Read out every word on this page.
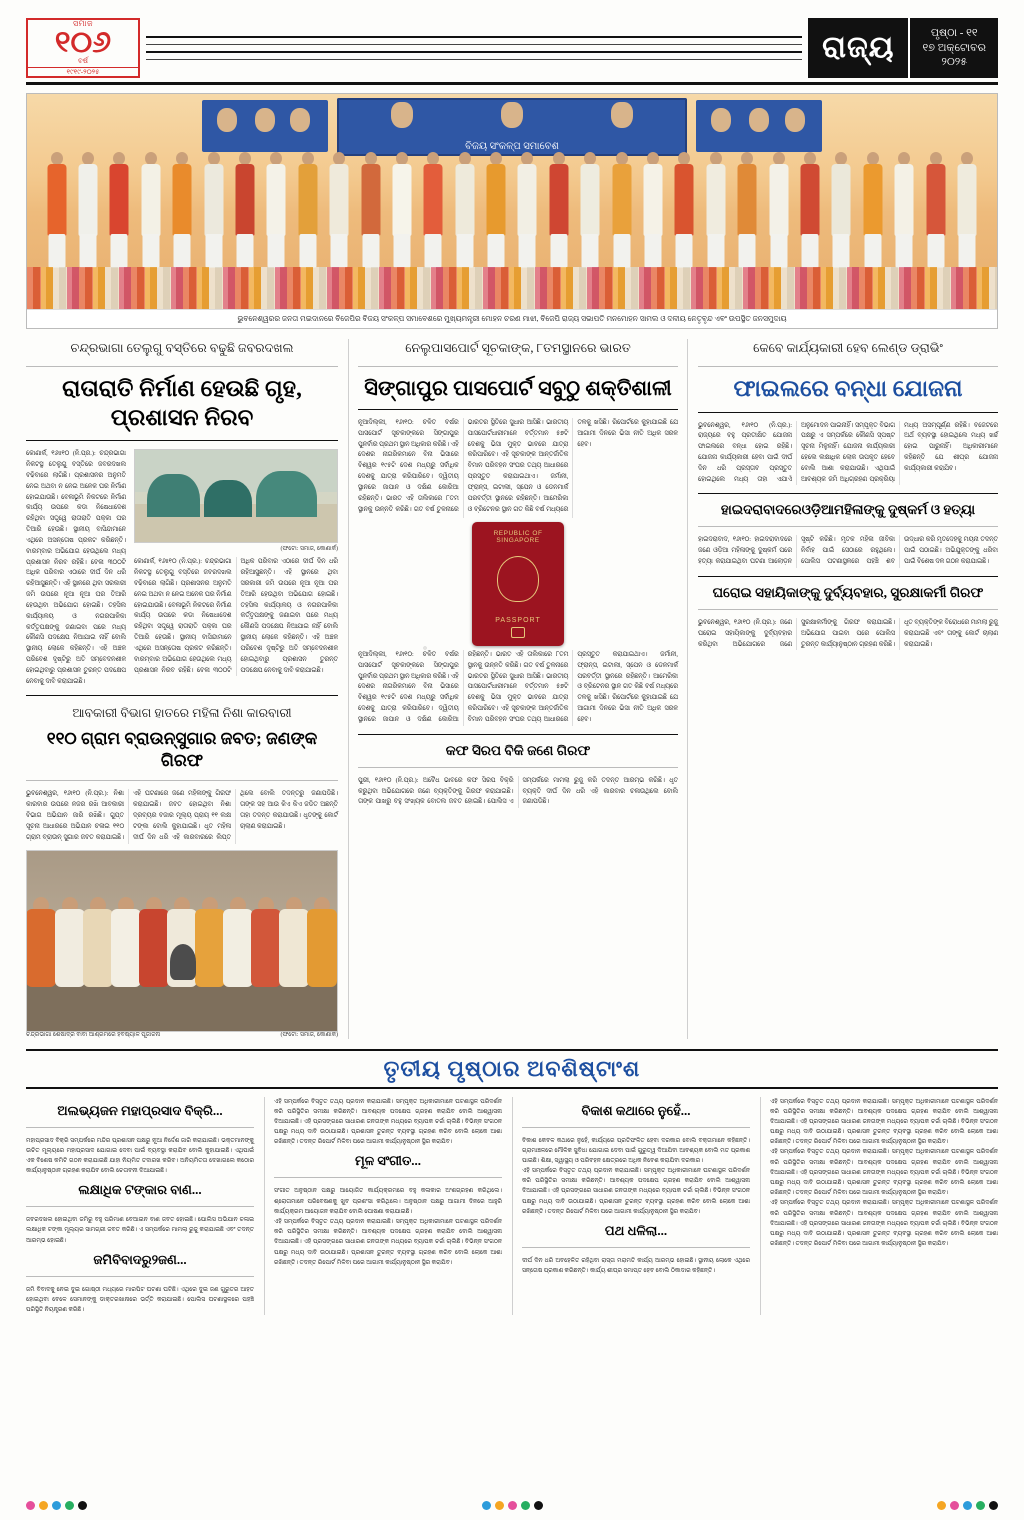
ସମାଜ
୧୦୬
ବର୍ଷ
୧୯୧୯-୨୦୨୫
ରାଜ୍ୟ	ପୃଷ୍ଠା - ୧୧
୧୭ ଅକ୍ଟୋବର
୨୦୨୫
ବିଜୟ ସଂକଳ୍ପ ସମାବେଶ
ଭୁବନେଶ୍ୱରର ଜନତା ମଇଦାନରେ ବିଜେପିର ବିଜୟ ସଂକଳ୍ପ ସମାବେଶରେ ମୁଖ୍ୟମନ୍ତ୍ରୀ ମୋହନ ଚରଣ ମାଝୀ, ବିଜେପି ରାଜ୍ୟ ସଭାପତି ମନମୋହନ ସାମଲ ଓ ଦଳୀୟ ନେତୃବୃନ୍ଦ ଏବଂ ଉପସ୍ଥିତ ଜନସମୁଦାୟ
ଚନ୍ଦ୍ରଭାଗା ତେଲୁଗୁ ବସ୍ତିରେ ବଢୁଛି ଜବରଦଖଲ
ରାତାରାତି ନିର୍ମାଣ ହେଉଛି ଗୃହ, ପ୍ରଶାସନ ନିରବ
କୋଣାର୍କ, ୧୬ାା୧୦ (ନି.ପ୍ର.): ଚନ୍ଦ୍ରଭାଗା ନିକଟସ୍ଥ ତେଲୁଗୁ ବସ୍ତିରେ ଜବରଦଖଲ ବଢିବାରେ ଲାଗିଛି। ପ୍ରଶାସନର ଅନୁମତି ନେଇ ଅଥବା ନ ନେଇ ଅନେକ ଘର ନିର୍ମାଣ ହୋଇଯାଉଛି। ବେଳାଭୂମି ନିକଟରେ ନିର୍ମାଣ କାର୍ଯ୍ୟ ଉପରେ କଡା ନିଷେଧାଦେଶ ରହିଥିବା ସତ୍ତ୍ୱେ ରାତାରାତି ପକ୍କା ଘର ତିଆରି ହେଉଛି। ସ୍ଥାନୀୟ ବାସିନ୍ଦାମାନେ ଏଥିରେ ଅସନ୍ତୋଷ ପ୍ରକଟ କରିଛନ୍ତି। ବାରମ୍ବାର ଅଭିଯୋଗ ହେଉଥିଲେ ମଧ୍ୟ ପ୍ରଶାସନ ନିରବ ରହିଛି। ବେଳା ୩୦୦ଟି ଅଧିକ ପରିବାର ଏଠାରେ ଦୀର୍ଘ ଦିନ ଧରି ରହିଆସୁଛନ୍ତି। ଏହି ସ୍ଥାନରେ ଥିବା ସରକାରୀ ଜମି ଉପରେ ନୂଆ ନୂଆ ଘର ତିଆରି ହେଉଥିବା ଅଭିଯୋଗ ହୋଇଛି। ତହସିଲ କାର୍ଯ୍ୟାଳୟ ଓ ନଗରପାଳିକା କର୍ତ୍ତୃପକ୍ଷଙ୍କୁ ଜଣାଇବା ପରେ ମଧ୍ୟ କୌଣସି ପଦକ୍ଷେପ ନିଆଯାଇ ନାହିଁ ବୋଲି ସ୍ଥାନୀୟ ଲୋକେ କହିଛନ୍ତି। ଏହି ଅଞ୍ଚଳ ପରିବେଶ ଦୃଷ୍ଟିରୁ ଅତି ସମ୍ବେଦନଶୀଳ ହୋଇଥିବାରୁ ପ୍ରଶାସନ ତୁରନ୍ତ ପଦକ୍ଷେପ ନେବାକୁ ଦାବି କରାଯାଇଛି।
(ଫଟୋ: ସମାଜ, କୋଣାର୍କ)
କୋଣାର୍କ, ୧୬ାା୧୦ (ନି.ପ୍ର.): ଚନ୍ଦ୍ରଭାଗା ନିକଟସ୍ଥ ତେଲୁଗୁ ବସ୍ତିରେ ଜବରଦଖଲ ବଢିବାରେ ଲାଗିଛି। ପ୍ରଶାସନର ଅନୁମତି ନେଇ ଅଥବା ନ ନେଇ ଅନେକ ଘର ନିର୍ମାଣ ହୋଇଯାଉଛି। ବେଳାଭୂମି ନିକଟରେ ନିର୍ମାଣ କାର୍ଯ୍ୟ ଉପରେ କଡା ନିଷେଧାଦେଶ ରହିଥିବା ସତ୍ତ୍ୱେ ରାତାରାତି ପକ୍କା ଘର ତିଆରି ହେଉଛି। ସ୍ଥାନୀୟ ବାସିନ୍ଦାମାନେ ଏଥିରେ ଅସନ୍ତୋଷ ପ୍ରକଟ କରିଛନ୍ତି। ବାରମ୍ବାର ଅଭିଯୋଗ ହେଉଥିଲେ ମଧ୍ୟ ପ୍ରଶାସନ ନିରବ ରହିଛି। ବେଳା ୩୦୦ଟି ଅଧିକ ପରିବାର ଏଠାରେ ଦୀର୍ଘ ଦିନ ଧରି ରହିଆସୁଛନ୍ତି। ଏହି ସ୍ଥାନରେ ଥିବା ସରକାରୀ ଜମି ଉପରେ ନୂଆ ନୂଆ ଘର ତିଆରି ହେଉଥିବା ଅଭିଯୋଗ ହୋଇଛି। ତହସିଲ କାର୍ଯ୍ୟାଳୟ ଓ ନଗରପାଳିକା କର୍ତ୍ତୃପକ୍ଷଙ୍କୁ ଜଣାଇବା ପରେ ମଧ୍ୟ କୌଣସି ପଦକ୍ଷେପ ନିଆଯାଇ ନାହିଁ ବୋଲି ସ୍ଥାନୀୟ ଲୋକେ କହିଛନ୍ତି। ଏହି ଅଞ୍ଚଳ ପରିବେଶ ଦୃଷ୍ଟିରୁ ଅତି ସମ୍ବେଦନଶୀଳ ହୋଇଥିବାରୁ ପ୍ରଶାସନ ତୁରନ୍ତ ପଦକ୍ଷେପ ନେବାକୁ ଦାବି କରାଯାଇଛି।
ଆବକାରୀ ବିଭାଗ ହାତରେ ମହିଳା ନିଶା କାରବାରୀ
୧୧୦ ଗ୍ରାମ ବ୍ରାଉନ୍‌ସୁଗାର ଜବତ; ଜଣଙ୍କ ଗିରଫ
ଭୁବନେଶ୍ୱର, ୧୬ା୧୦ (ନି.ପ୍ର.): ନିଶା କାରବାର ଉପରେ ନଜର ରଖି ଆବକାରୀ ବିଭାଗ ଅଭିଯାନ ଜାରି ରଖିଛି। ଗୁପ୍ତ ସୂଚନା ଆଧାରରେ ଅଭିଯାନ ଚଳାଇ ୧୧୦ ଗ୍ରାମ ବ୍ରାଉନ୍ ସୁଗାର ଜବତ କରାଯାଇଛି। ଏହି ଘଟଣାରେ ଜଣେ ମହିଳାଙ୍କୁ ଗିରଫ କରାଯାଇଛି। ଜବତ ହୋଇଥିବା ନିଶା ଦ୍ରବ୍ୟର ବଜାର ମୂଲ୍ୟ ପ୍ରାୟ ୧୧ ଲକ୍ଷ ଟଙ୍କା ବୋଲି କୁହାଯାଇଛି। ଧୃତ ମହିଳା ଦୀର୍ଘ ଦିନ ଧରି ଏହି କାରବାରରେ ଲିପ୍ତ ଥିଲେ ବୋଲି ତଦନ୍ତରୁ ଜଣାପଡିଛି। ତାଙ୍କ ସହ ଆଉ କିଏ କିଏ ଜଡିତ ଅଛନ୍ତି ତାହା ତଦନ୍ତ କରାଯାଉଛି। ଧୃତଙ୍କୁ କୋର୍ଟ ଚାଲାଣ କରାଯାଇଛି।
ଚନ୍ଦ୍ରଭାଗା ଶେଷାଦ୍ରି ବାବା ଆଶ୍ରମରେ ହବିଷ୍ୟାଳି ପୂଜାର୍ଚ୍ଚନା	(ଫଟୋ: ସମାଜ, କୋଣାର୍କ)
ନେଲୁପାସପୋର୍ଟ ସୂଚକାଙ୍କ, ୮ତମସ୍ଥାନରେ ଭାରତ
ସିଙ୍ଗାପୁର ପାସପୋର୍ଟ ସବୁଠୁ ଶକ୍ତିଶାଳୀ
ନୂଆଦିଲ୍ଲୀ, ୧୬ା୧୦: ଚଳିତ ବର୍ଷର ପାସପୋର୍ଟ ସୂଚକାଙ୍କରେ ସିଙ୍ଗାପୁର ପୁନର୍ବାର ପ୍ରଥମ ସ୍ଥାନ ଅଧିକାର କରିଛି। ଏହି ଦେଶର ନାଗରିକମାନେ ବିନା ଭିସାରେ ବିଶ୍ୱର ୧୯୫ଟି ଦେଶ ମଧ୍ୟରୁ ସର୍ବାଧିକ ଦେଶକୁ ଯାତ୍ରା କରିପାରିବେ। ଦ୍ୱିତୀୟ ସ୍ଥାନରେ ଜାପାନ ଓ ଦକ୍ଷିଣ କୋରିଆ ରହିଛନ୍ତି। ଭାରତ ଏହି ତାଲିକାରେ ୮ତମ ସ୍ଥାନକୁ ଉନ୍ନତି କରିଛି। ଗତ ବର୍ଷ ତୁଳନାରେ ଭାରତର ସ୍ଥିତିରେ ସୁଧାର ଆସିଛି। ଭାରତୀୟ ପାସପୋର୍ଟଧାରୀମାନେ ବର୍ତ୍ତମାନ ୫୭ଟି ଦେଶକୁ ଭିସା ମୁକ୍ତ ଭାବରେ ଯାତ୍ରା କରିପାରିବେ। ଏହି ସୂଚକାଙ୍କ ଆନ୍ତର୍ଜାତିକ ବିମାନ ପରିବହନ ସଂଘର ତଥ୍ୟ ଆଧାରରେ ପ୍ରସ୍ତୁତ କରାଯାଇଥାଏ। ଜର୍ମାନୀ, ଫ୍ରାନ୍ସ, ଇଟାଲୀ, ସ୍ପେନ ଓ ଡେନମାର୍କ ପରବର୍ତ୍ତୀ ସ୍ଥାନରେ ରହିଛନ୍ତି। ଆମେରିକା ଓ ବ୍ରିଟେନର ସ୍ଥାନ ଗତ କିଛି ବର୍ଷ ମଧ୍ୟରେ ତଳକୁ ଖସିଛି। ରିପୋର୍ଟରେ କୁହାଯାଇଛି ଯେ ଆଗାମୀ ଦିନରେ ଭିସା ନୀତି ଅଧିକ ସରଳ ହେବ।
REPUBLIC OF SINGAPORE
PASSPORT
ନୂଆଦିଲ୍ଲୀ, ୧୬ା୧୦: ଚଳିତ ବର୍ଷର ପାସପୋର୍ଟ ସୂଚକାଙ୍କରେ ସିଙ୍ଗାପୁର ପୁନର୍ବାର ପ୍ରଥମ ସ୍ଥାନ ଅଧିକାର କରିଛି। ଏହି ଦେଶର ନାଗରିକମାନେ ବିନା ଭିସାରେ ବିଶ୍ୱର ୧୯୫ଟି ଦେଶ ମଧ୍ୟରୁ ସର୍ବାଧିକ ଦେଶକୁ ଯାତ୍ରା କରିପାରିବେ। ଦ୍ୱିତୀୟ ସ୍ଥାନରେ ଜାପାନ ଓ ଦକ୍ଷିଣ କୋରିଆ ରହିଛନ୍ତି। ଭାରତ ଏହି ତାଲିକାରେ ୮ତମ ସ୍ଥାନକୁ ଉନ୍ନତି କରିଛି। ଗତ ବର୍ଷ ତୁଳନାରେ ଭାରତର ସ୍ଥିତିରେ ସୁଧାର ଆସିଛି। ଭାରତୀୟ ପାସପୋର୍ଟଧାରୀମାନେ ବର୍ତ୍ତମାନ ୫୭ଟି ଦେଶକୁ ଭିସା ମୁକ୍ତ ଭାବରେ ଯାତ୍ରା କରିପାରିବେ। ଏହି ସୂଚକାଙ୍କ ଆନ୍ତର୍ଜାତିକ ବିମାନ ପରିବହନ ସଂଘର ତଥ୍ୟ ଆଧାରରେ ପ୍ରସ୍ତୁତ କରାଯାଇଥାଏ। ଜର୍ମାନୀ, ଫ୍ରାନ୍ସ, ଇଟାଲୀ, ସ୍ପେନ ଓ ଡେନମାର୍କ ପରବର୍ତ୍ତୀ ସ୍ଥାନରେ ରହିଛନ୍ତି। ଆମେରିକା ଓ ବ୍ରିଟେନର ସ୍ଥାନ ଗତ କିଛି ବର୍ଷ ମଧ୍ୟରେ ତଳକୁ ଖସିଛି। ରିପୋର୍ଟରେ କୁହାଯାଇଛି ଯେ ଆଗାମୀ ଦିନରେ ଭିସା ନୀତି ଅଧିକ ସରଳ ହେବ।
କଫ ସିରପ ବିକି ଜଣେ ଗିରଫ
ପୁରୀ, ୧୬ା୧୦ (ନି.ପ୍ର.): ଅବୈଧ ଭାବରେ କଫ ସିରପ ବିକ୍ରି କରୁଥିବା ଅଭିଯୋଗରେ ଜଣେ ବ୍ୟକ୍ତିଙ୍କୁ ଗିରଫ କରାଯାଇଛି। ତାଙ୍କ ପାଖରୁ ବହୁ ସଂଖ୍ୟକ ବୋତଲ ଜବତ ହୋଇଛି। ପୋଲିସ ଏ ସମ୍ପର୍କରେ ମାମଲା ରୁଜୁ କରି ତଦନ୍ତ ଆରମ୍ଭ କରିଛି। ଧୃତ ବ୍ୟକ୍ତି ଦୀର୍ଘ ଦିନ ଧରି ଏହି କାରବାର ଚଳାଉଥିଲେ ବୋଲି ଜଣାପଡିଛି।
କେବେ କାର୍ଯ୍ୟକାରୀ ହେବ ଲେଣ୍ଡ ଡ୍ରାଭିଂ
ଫାଇଲରେ ବନ୍ଧା ଯୋଜନା
ଭୁବନେଶ୍ୱର, ୧୬ା୧୦ (ନି.ପ୍ର.): ରାଜ୍ୟରେ ବହୁ ପ୍ରତୀକ୍ଷିତ ଯୋଜନା ଫାଇଲରେ ବନ୍ଧା ହୋଇ ରହିଛି। ଯୋଜନା କାର୍ଯ୍ୟକାରୀ ହେବା ପାଇଁ ଦୀର୍ଘ ଦିନ ଧରି ପ୍ରସ୍ତାବ ପ୍ରସ୍ତୁତ ହୋଇଥିଲେ ମଧ୍ୟ ତାହା ଏଯାଏଁ ଅନୁମୋଦନ ପାଇନାହିଁ। ସମ୍ପୃକ୍ତ ବିଭାଗ ପକ୍ଷରୁ ଏ ସମ୍ପର୍କରେ କୌଣସି ସ୍ପଷ୍ଟ ସୂଚନା ମିଳୁନାହିଁ। ଯୋଜନା କାର୍ଯ୍ୟକାରୀ ହେଲେ ଲକ୍ଷାଧିକ ଲୋକ ଉପକୃତ ହେବେ ବୋଲି ଆଶା କରାଯାଉଛି। ଏଥିପାଇଁ ଆବଶ୍ୟକ ଜମି ଅଧିଗ୍ରହଣ ପ୍ରକ୍ରିୟା ମଧ୍ୟ ଅସମ୍ପୂର୍ଣ୍ଣ ରହିଛି। ବଜେଟରେ ଅର୍ଥ ବ୍ୟବସ୍ଥା ହୋଇଥିଲେ ମଧ୍ୟ ଖର୍ଚ୍ଚ ହୋଇ ପାରୁନାହିଁ। ଅଧିକାରୀମାନେ କହିଛନ୍ତି ଯେ ଶୀଘ୍ର ଯୋଜନା କାର୍ଯ୍ୟକାରୀ କରାଯିବ।
ହାଇଦରାବାଦରେଓଡ଼ିଆମହିଳାଙ୍କୁ ଦୁଷ୍କର୍ମ ଓ ହତ୍ୟା
ହାଇଦରାବାଦ, ୧୬ା୧୦: ହାଇଦରାବାଦରେ ଜଣେ ଓଡ଼ିଆ ମହିଳାଙ୍କୁ ଦୁଷ୍କର୍ମ ପରେ ହତ୍ୟା କରାଯାଇଥିବା ଘଟଣା ଆଲୋଡ଼ନ ସୃଷ୍ଟି କରିଛି। ମୃତକ ମହିଳା ଜୀବିକା ନିର୍ବାହ ପାଇଁ ସେଠାରେ ରହୁଥିଲେ। ପୋଲିସ ଘଟଣାସ୍ଥଳରେ ପହଞ୍ଚି ଶବ ଉଦ୍ଧାର କରି ମୃତଦେହକୁ ମୟନା ତଦନ୍ତ ପାଇଁ ପଠାଇଛି। ଅଭିଯୁକ୍ତଙ୍କୁ ଧରିବା ପାଇଁ ବିଶେଷ ଦଳ ଗଠନ କରାଯାଇଛି।
ଘରୋଇ ସହାୟିକାଙ୍କୁ ଦୁର୍ବ୍ୟବହାର, ସୁରକ୍ଷାକର୍ମୀ ଗିରଫ
ଭୁବନେଶ୍ୱର, ୧୬ା୧୦ (ନି.ପ୍ର.): ଜଣେ ଘରୋଇ ସହାୟିକାଙ୍କୁ ଦୁର୍ବ୍ୟବହାର କରିଥିବା ଅଭିଯୋଗରେ ଜଣେ ସୁରକ୍ଷାକର୍ମୀଙ୍କୁ ଗିରଫ କରାଯାଇଛି। ଅଭିଯୋଗ ପାଇବା ପରେ ପୋଲିସ ତୁରନ୍ତ କାର୍ଯ୍ୟାନୁଷ୍ଠାନ ଗ୍ରହଣ କରିଛି। ଧୃତ ବ୍ୟକ୍ତିଙ୍କ ବିରୋଧରେ ମାମଲା ରୁଜୁ କରାଯାଇଛି ଏବଂ ତାଙ୍କୁ କୋର୍ଟ ଚାଲାଣ କରାଯାଇଛି।
ତୃତୀୟ ପୃଷ୍ଠାର ଅବଶିଷ୍ଟାଂଶ
ଅଲଭ୍ୟଜନ ମହାପ୍ରସାଦ ବିକ୍ରି...
ମହାପ୍ରସାଦ ବିକ୍ରି ସମ୍ପର୍କରେ ମନ୍ଦିର ପ୍ରଶାସନ ପକ୍ଷରୁ ନୂଆ ନିର୍ଦ୍ଦେଶ ଜାରି କରାଯାଇଛି। ଭକ୍ତମାନଙ୍କୁ ଉଚିତ ମୂଲ୍ୟରେ ମହାପ୍ରସାଦ ଯୋଗାଇ ଦେବା ପାଇଁ ବ୍ୟବସ୍ଥା କରାଯିବ ବୋଲି କୁହାଯାଇଛି। ଏଥିପାଇଁ ଏକ ବିଶେଷ କମିଟି ଗଠନ କରାଯାଇଛି ଯାହା ନିୟମିତ ତଦାରଖ କରିବ। ଅନିୟମିତତା ଦେଖାଗଲେ କଠୋର କାର୍ଯ୍ୟାନୁଷ୍ଠାନ ଗ୍ରହଣ କରାଯିବ ବୋଲି ଚେତାବନୀ ଦିଆଯାଇଛି।
ଲକ୍ଷାଧିକ ଟଙ୍କାର ବାଣ...
ଜବରଦଖଲ ହୋଇଥିବା ଜମିରୁ ବହୁ ପରିମାଣ ବେଆଇନ ବାଣ ଜବତ ହୋଇଛି। ପୋଲିସ ଅଭିଯାନ ଚଳାଇ ଲକ୍ଷାଧିକ ଟଙ୍କା ମୂଲ୍ୟର ସାମଗ୍ରୀ ଜବତ କରିଛି। ଏ ସମ୍ପର୍କରେ ମାମଲା ରୁଜୁ କରାଯାଇଛି ଏବଂ ତଦନ୍ତ ଆରମ୍ଭ ହୋଇଛି।
ଜମିବିବାଦରୁ୨ଜଣ...
ଜମି ବିବାଦକୁ ନେଇ ଦୁଇ ଗୋଷ୍ଠୀ ମଧ୍ୟରେ ମାରପିଟ ଘଟଣା ଘଟିଛି। ଏଥିରେ ଦୁଇ ଜଣ ଗୁରୁତର ଆହତ ହୋଇଥିବା ବେଳେ ସେମାନଙ୍କୁ ଡାକ୍ତରଖାନାରେ ଭର୍ତ୍ତି କରାଯାଇଛି। ପୋଲିସ ଘଟଣାସ୍ଥଳରେ ପହଞ୍ଚି ପରିସ୍ଥିତି ନିୟନ୍ତ୍ରଣ କରିଛି।
ଏହି ସମ୍ପର୍କରେ ବିସ୍ତୃତ ତଥ୍ୟ ପ୍ରଦାନ କରାଯାଇଛି। ସମ୍ପୃକ୍ତ ଅଧିକାରୀମାନେ ଘଟଣାସ୍ଥଳ ପରିଦର୍ଶନ କରି ପରିସ୍ଥିତିର ସମୀକ୍ଷା କରିଛନ୍ତି। ଆବଶ୍ୟକ ପଦକ୍ଷେପ ଗ୍ରହଣ କରାଯିବ ବୋଲି ଆଶ୍ୱାସନା ଦିଆଯାଇଛି। ଏହି ପ୍ରସଙ୍ଗରେ ସାଧାରଣ ଜନତାଙ୍କ ମଧ୍ୟରେ ବ୍ୟାପକ ଚର୍ଚ୍ଚା ଚାଲିଛି। ବିଭିନ୍ନ ସଂଗଠନ ପକ୍ଷରୁ ମଧ୍ୟ ଦାବି ଉଠାଯାଇଛି। ପ୍ରଶାସନ ତୁରନ୍ତ ବ୍ୟବସ୍ଥା ଗ୍ରହଣ କରିବ ବୋଲି ଲୋକେ ଆଶା ରଖିଛନ୍ତି। ତଦନ୍ତ ରିପୋର୍ଟ ମିଳିବା ପରେ ଆଗାମୀ କାର୍ଯ୍ୟାନୁଷ୍ଠାନ ସ୍ଥିର କରାଯିବ।
ମୂଳ ସଂଗୀତ...
ସଂଗୀତ ଅନୁଷ୍ଠାନ ପକ୍ଷରୁ ଆୟୋଜିତ କାର୍ଯ୍ୟକ୍ରମରେ ବହୁ କଳାକାର ଅଂଶଗ୍ରହଣ କରିଥିଲେ। ଶ୍ରୋତାମାନେ ପରିବେଷଣକୁ ଖୁବ ପ୍ରଶଂସା କରିଥିଲେ। ଅନୁଷ୍ଠାନ ପକ୍ଷରୁ ଆଗାମୀ ଦିନରେ ଆହୁରି କାର୍ଯ୍ୟକ୍ରମ ଆୟୋଜନ କରାଯିବ ବୋଲି ଘୋଷଣା କରାଯାଇଛି।
ଏହି ସମ୍ପର୍କରେ ବିସ୍ତୃତ ତଥ୍ୟ ପ୍ରଦାନ କରାଯାଇଛି। ସମ୍ପୃକ୍ତ ଅଧିକାରୀମାନେ ଘଟଣାସ୍ଥଳ ପରିଦର୍ଶନ କରି ପରିସ୍ଥିତିର ସମୀକ୍ଷା କରିଛନ୍ତି। ଆବଶ୍ୟକ ପଦକ୍ଷେପ ଗ୍ରହଣ କରାଯିବ ବୋଲି ଆଶ୍ୱାସନା ଦିଆଯାଇଛି। ଏହି ପ୍ରସଙ୍ଗରେ ସାଧାରଣ ଜନତାଙ୍କ ମଧ୍ୟରେ ବ୍ୟାପକ ଚର୍ଚ୍ଚା ଚାଲିଛି। ବିଭିନ୍ନ ସଂଗଠନ ପକ୍ଷରୁ ମଧ୍ୟ ଦାବି ଉଠାଯାଇଛି। ପ୍ରଶାସନ ତୁରନ୍ତ ବ୍ୟବସ୍ଥା ଗ୍ରହଣ କରିବ ବୋଲି ଲୋକେ ଆଶା ରଖିଛନ୍ତି। ତଦନ୍ତ ରିପୋର୍ଟ ମିଳିବା ପରେ ଆଗାମୀ କାର୍ଯ୍ୟାନୁଷ୍ଠାନ ସ୍ଥିର କରାଯିବ।
ବିକାଶ କଥାରେ ନୁହେଁ...
ବିକାଶ କେବଳ କଥାରେ ନୁହେଁ, କାର୍ଯ୍ୟରେ ପ୍ରତିଫଳିତ ହେବା ଦରକାର ବୋଲି ବକ୍ତାମାନେ କହିଛନ୍ତି। ଗ୍ରାମାଞ୍ଚଳରେ ମୌଳିକ ସୁବିଧା ଯୋଗାଇ ଦେବା ପାଇଁ ଗୁରୁତ୍ୱ ଦିଆଯିବା ଆବଶ୍ୟକ ବୋଲି ମତ ପ୍ରକାଶ ପାଇଛି। ଶିକ୍ଷା, ସ୍ୱାସ୍ଥ୍ୟ ଓ ପରିବହନ କ୍ଷେତ୍ରରେ ଅଧିକ ନିବେଶ କରାଯିବା ଦରକାର।
ଏହି ସମ୍ପର୍କରେ ବିସ୍ତୃତ ତଥ୍ୟ ପ୍ରଦାନ କରାଯାଇଛି। ସମ୍ପୃକ୍ତ ଅଧିକାରୀମାନେ ଘଟଣାସ୍ଥଳ ପରିଦର୍ଶନ କରି ପରିସ୍ଥିତିର ସମୀକ୍ଷା କରିଛନ୍ତି। ଆବଶ୍ୟକ ପଦକ୍ଷେପ ଗ୍ରହଣ କରାଯିବ ବୋଲି ଆଶ୍ୱାସନା ଦିଆଯାଇଛି। ଏହି ପ୍ରସଙ୍ଗରେ ସାଧାରଣ ଜନତାଙ୍କ ମଧ୍ୟରେ ବ୍ୟାପକ ଚର୍ଚ୍ଚା ଚାଲିଛି। ବିଭିନ୍ନ ସଂଗଠନ ପକ୍ଷରୁ ମଧ୍ୟ ଦାବି ଉଠାଯାଇଛି। ପ୍ରଶାସନ ତୁରନ୍ତ ବ୍ୟବସ୍ଥା ଗ୍ରହଣ କରିବ ବୋଲି ଲୋକେ ଆଶା ରଖିଛନ୍ତି। ତଦନ୍ତ ରିପୋର୍ଟ ମିଳିବା ପରେ ଆଗାମୀ କାର୍ଯ୍ୟାନୁଷ୍ଠାନ ସ୍ଥିର କରାଯିବ।
ପଥ ଧଳିଲା...
ଦୀର୍ଘ ଦିନ ଧରି ଅବହେଳିତ ରହିଥିବା ରାସ୍ତା ମରାମତି କାର୍ଯ୍ୟ ଆରମ୍ଭ ହୋଇଛି। ସ୍ଥାନୀୟ ଲୋକେ ଏଥିରେ ସନ୍ତୋଷ ପ୍ରକାଶ କରିଛନ୍ତି। କାର୍ଯ୍ୟ ଶୀଘ୍ର ସମାପ୍ତ ହେବ ବୋଲି ଠିକାଦାର କହିଛନ୍ତି।
ଏହି ସମ୍ପର୍କରେ ବିସ୍ତୃତ ତଥ୍ୟ ପ୍ରଦାନ କରାଯାଇଛି। ସମ୍ପୃକ୍ତ ଅଧିକାରୀମାନେ ଘଟଣାସ୍ଥଳ ପରିଦର୍ଶନ କରି ପରିସ୍ଥିତିର ସମୀକ୍ଷା କରିଛନ୍ତି। ଆବଶ୍ୟକ ପଦକ୍ଷେପ ଗ୍ରହଣ କରାଯିବ ବୋଲି ଆଶ୍ୱାସନା ଦିଆଯାଇଛି। ଏହି ପ୍ରସଙ୍ଗରେ ସାଧାରଣ ଜନତାଙ୍କ ମଧ୍ୟରେ ବ୍ୟାପକ ଚର୍ଚ୍ଚା ଚାଲିଛି। ବିଭିନ୍ନ ସଂଗଠନ ପକ୍ଷରୁ ମଧ୍ୟ ଦାବି ଉଠାଯାଇଛି। ପ୍ରଶାସନ ତୁରନ୍ତ ବ୍ୟବସ୍ଥା ଗ୍ରହଣ କରିବ ବୋଲି ଲୋକେ ଆଶା ରଖିଛନ୍ତି। ତଦନ୍ତ ରିପୋର୍ଟ ମିଳିବା ପରେ ଆଗାମୀ କାର୍ଯ୍ୟାନୁଷ୍ଠାନ ସ୍ଥିର କରାଯିବ।
ଏହି ସମ୍ପର୍କରେ ବିସ୍ତୃତ ତଥ୍ୟ ପ୍ରଦାନ କରାଯାଇଛି। ସମ୍ପୃକ୍ତ ଅଧିକାରୀମାନେ ଘଟଣାସ୍ଥଳ ପରିଦର୍ଶନ କରି ପରିସ୍ଥିତିର ସମୀକ୍ଷା କରିଛନ୍ତି। ଆବଶ୍ୟକ ପଦକ୍ଷେପ ଗ୍ରହଣ କରାଯିବ ବୋଲି ଆଶ୍ୱାସନା ଦିଆଯାଇଛି। ଏହି ପ୍ରସଙ୍ଗରେ ସାଧାରଣ ଜନତାଙ୍କ ମଧ୍ୟରେ ବ୍ୟାପକ ଚର୍ଚ୍ଚା ଚାଲିଛି। ବିଭିନ୍ନ ସଂଗଠନ ପକ୍ଷରୁ ମଧ୍ୟ ଦାବି ଉଠାଯାଇଛି। ପ୍ରଶାସନ ତୁରନ୍ତ ବ୍ୟବସ୍ଥା ଗ୍ରହଣ କରିବ ବୋଲି ଲୋକେ ଆଶା ରଖିଛନ୍ତି। ତଦନ୍ତ ରିପୋର୍ଟ ମିଳିବା ପରେ ଆଗାମୀ କାର୍ଯ୍ୟାନୁଷ୍ଠାନ ସ୍ଥିର କରାଯିବ।
ଏହି ସମ୍ପର୍କରେ ବିସ୍ତୃତ ତଥ୍ୟ ପ୍ରଦାନ କରାଯାଇଛି। ସମ୍ପୃକ୍ତ ଅଧିକାରୀମାନେ ଘଟଣାସ୍ଥଳ ପରିଦର୍ଶନ କରି ପରିସ୍ଥିତିର ସମୀକ୍ଷା କରିଛନ୍ତି। ଆବଶ୍ୟକ ପଦକ୍ଷେପ ଗ୍ରହଣ କରାଯିବ ବୋଲି ଆଶ୍ୱାସନା ଦିଆଯାଇଛି। ଏହି ପ୍ରସଙ୍ଗରେ ସାଧାରଣ ଜନତାଙ୍କ ମଧ୍ୟରେ ବ୍ୟାପକ ଚର୍ଚ୍ଚା ଚାଲିଛି। ବିଭିନ୍ନ ସଂଗଠନ ପକ୍ଷରୁ ମଧ୍ୟ ଦାବି ଉଠାଯାଇଛି। ପ୍ରଶାସନ ତୁରନ୍ତ ବ୍ୟବସ୍ଥା ଗ୍ରହଣ କରିବ ବୋଲି ଲୋକେ ଆଶା ରଖିଛନ୍ତି। ତଦନ୍ତ ରିପୋର୍ଟ ମିଳିବା ପରେ ଆଗାମୀ କାର୍ଯ୍ୟାନୁଷ୍ଠାନ ସ୍ଥିର କରାଯିବ।
